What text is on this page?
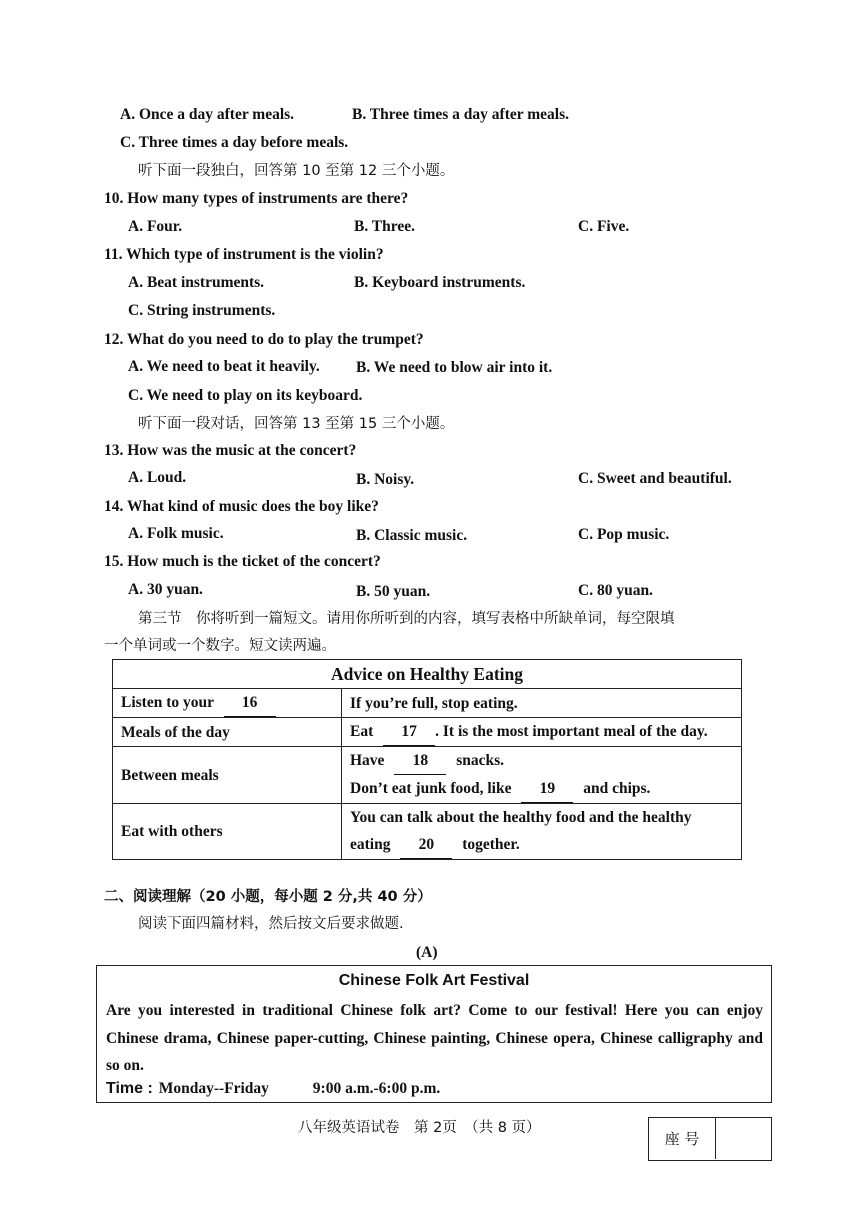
A. Once a day after meals.	B. Three times a day after meals.
C. Three times a day before meals.
听下面一段独白，回答第 10 至第 12 三个小题。
10. How many types of instruments are there?
A. Four.	B. Three.	C. Five.
11. Which type of instrument is the violin?
A. Beat instruments.	B. Keyboard instruments.
C. String instruments.
12. What do you need to do to play the trumpet?
A. We need to beat it heavily. B. We need to blow air into it.
C. We need to play on its keyboard.
听下面一段对话，回答第 13 至第 15 三个小题。
13. How was the music at the concert?
A. Loud.	B. Noisy.	C. Sweet and beautiful.
14. What kind of music does the boy like?
A. Folk music.	B. Classic music.	C. Pop music.
15. How much is the ticket of the concert?
A. 30 yuan.	B. 50 yuan.	C. 80 yuan.
第三节　你将听到一篇短文。请用你所听到的内容，填写表格中所缺单词，每空限填
一个单词或一个数字。短文读两遍。
Advice on Healthy Eating	
Listen to your 16	If you’re full, stop eating.
Meals of the day	Eat 17 . It is the most important meal of the day.
Between meals	Have 18 snacks.
Don’t eat junk food, like 19 and chips.

Eat with others	You can talk about the healthy food and the healthy
eating 20 together.
二、阅读理解（20 小题，每小题 2 分,共 40 分）
阅读下面四篇材料，然后按文后要求做题.
(A)
Chinese Folk Art Festival
Are you interested in traditional Chinese folk art? Come to our festival! Here you can enjoy Chinese drama, Chinese paper-cutting, Chinese painting, Chinese opera, Chinese calligraphy and so on.
Time : Monday--Friday	9:00 a.m.-6:00 p.m.
八年级英语试卷　第 2页　（共 8 页）
座 号
